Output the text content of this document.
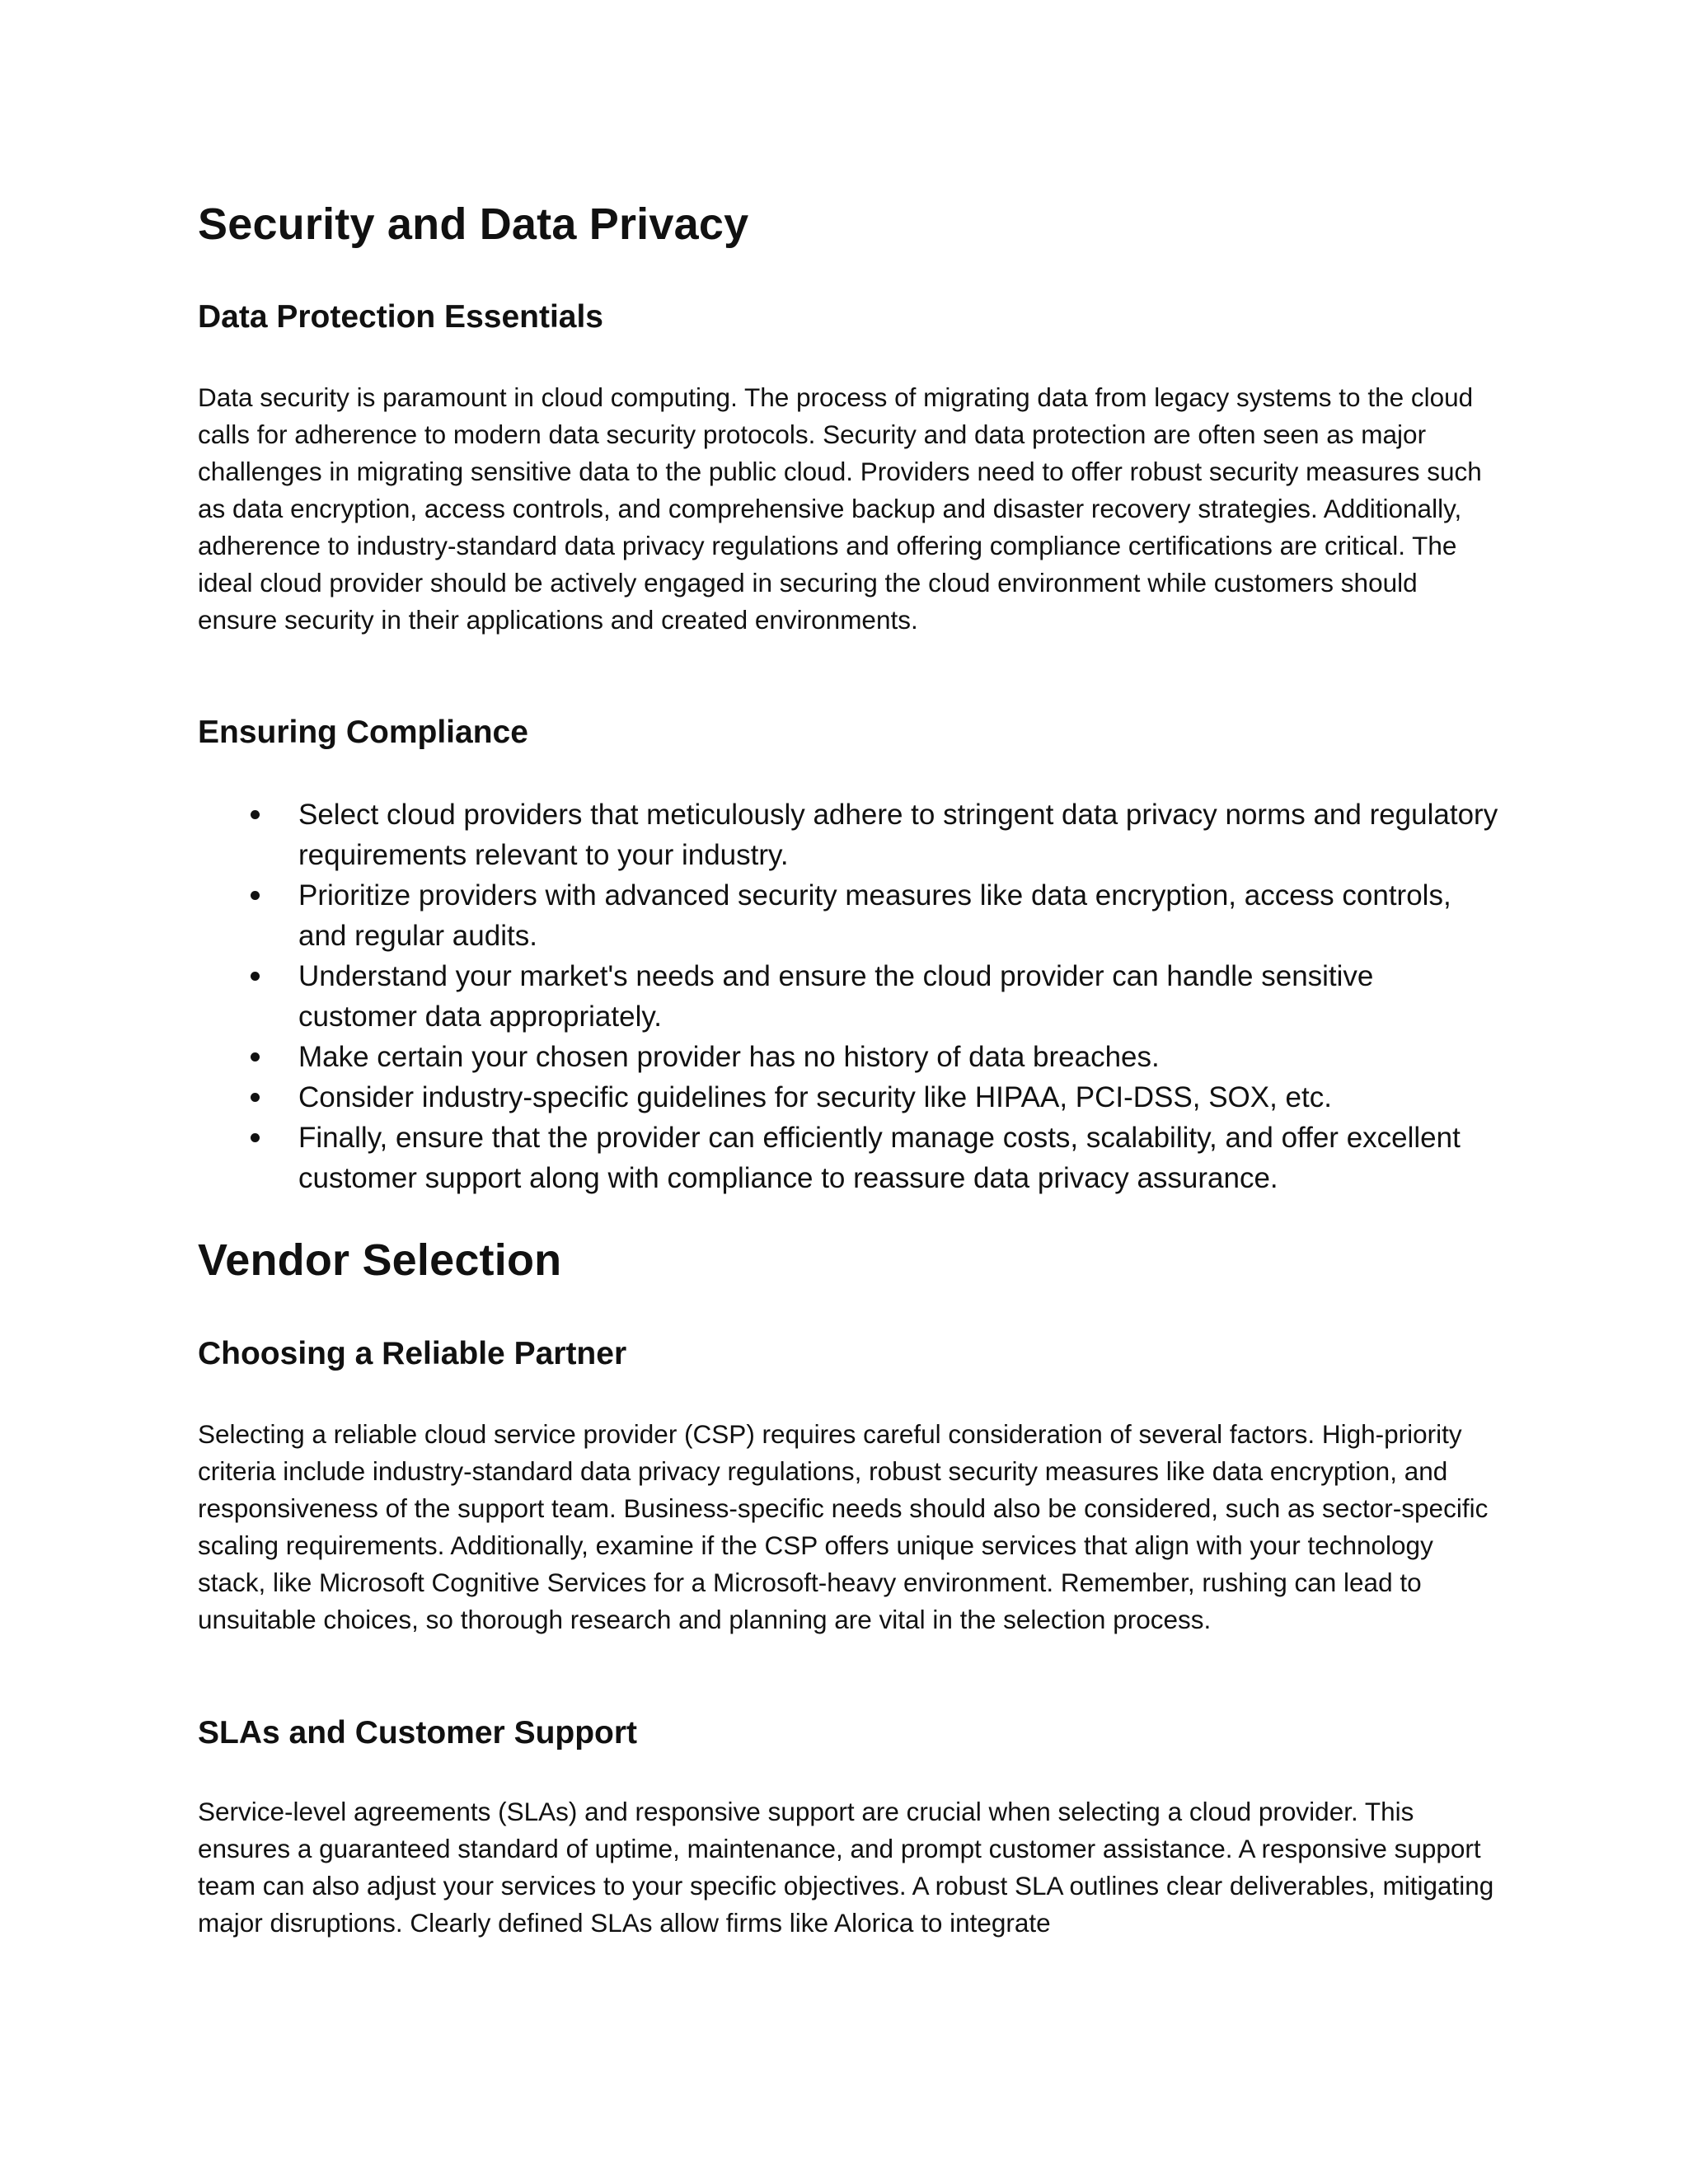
Security and Data Privacy
Data Protection Essentials

Data security is paramount in cloud computing. The process of migrating data from legacy systems to the cloud calls for adherence to modern data security protocols. Security and data protection are often seen as major challenges in migrating sensitive data to the public cloud. Providers need to offer robust security measures such as data encryption, access controls, and comprehensive backup and disaster recovery strategies. Additionally, adherence to industry-standard data privacy regulations and offering compliance certifications are critical. The ideal cloud provider should be actively engaged in securing the cloud environment while customers should ensure security in their applications and created environments.

Ensuring Compliance
Select cloud providers that meticulously adhere to stringent data privacy norms and regulatory requirements relevant to your industry.
Prioritize providers with advanced security measures like data encryption, access controls, and regular audits.
Understand your market's needs and ensure the cloud provider can handle sensitive customer data appropriately.
Make certain your chosen provider has no history of data breaches.
Consider industry-specific guidelines for security like HIPAA, PCI-DSS, SOX, etc.
Finally, ensure that the provider can efficiently manage costs, scalability, and offer excellent customer support along with compliance to reassure data privacy assurance.
Vendor Selection
Choosing a Reliable Partner

Selecting a reliable cloud service provider (CSP) requires careful consideration of several factors. High-priority criteria include industry-standard data privacy regulations, robust security measures like data encryption, and responsiveness of the support team. Business-specific needs should also be considered, such as sector-specific scaling requirements. Additionally, examine if the CSP offers unique services that align with your technology stack, like Microsoft Cognitive Services for a Microsoft-heavy environment. Remember, rushing can lead to unsuitable choices, so thorough research and planning are vital in the selection process.

SLAs and Customer Support

Service-level agreements (SLAs) and responsive support are crucial when selecting a cloud provider. This ensures a guaranteed standard of uptime, maintenance, and prompt customer assistance. A responsive support team can also adjust your services to your specific objectives. A robust SLA outlines clear deliverables, mitigating major disruptions. Clearly defined SLAs allow firms like Alorica to integrate
